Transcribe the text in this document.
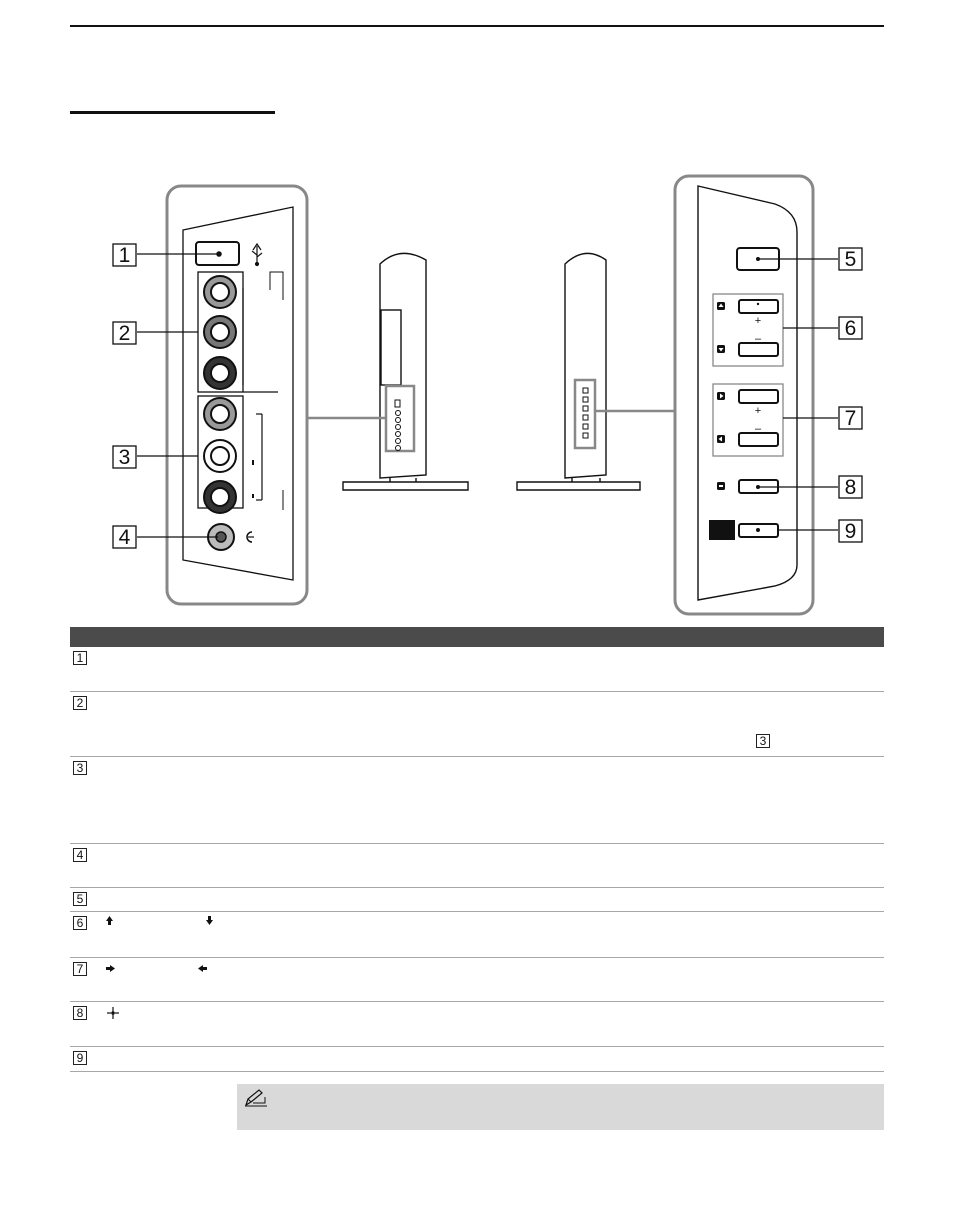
+
–
+
–
1
2
3
4
5
6
7
8
9
1
2
3
3
4
5
6
7
8
9
